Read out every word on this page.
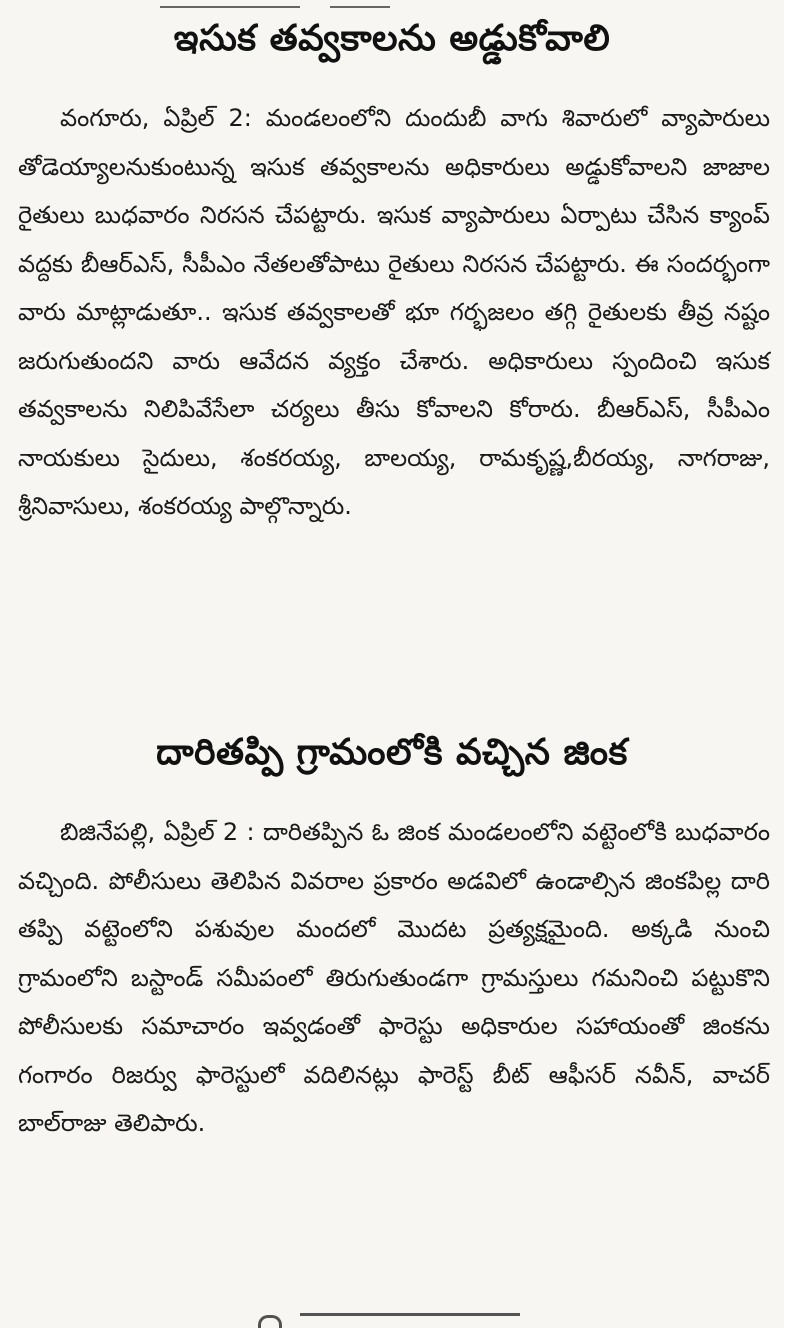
ఇసుక తవ్వకాలను అడ్డుకోవాలి
వంగూరు, ఏప్రిల్ 2: మండలంలోని దుందుబీ వాగు శివారులో వ్యాపారులు తోడెయ్యాలనుకుంటున్న ఇసుక తవ్వకాలను అధికారులు అడ్డుకోవాలని జాజాల రైతులు బుధవారం నిరసన చేపట్టారు. ఇసుక వ్యాపారులు ఏర్పాటు చేసిన క్యాంప్ వద్దకు బీఆర్‌ఎస్, సీపీఎం నేతలతోపాటు రైతులు నిరసన చేపట్టారు. ఈ సందర్భంగా వారు మాట్లాడుతూ.. ఇసుక తవ్వకాలతో భూ గర్భజలం తగ్గి రైతులకు తీవ్ర నష్టం జరుగుతుందని వారు ఆవేదన వ్యక్తం చేశారు. అధికారులు స్పందించి ఇసుక తవ్వకాలను నిలిపివేసేలా చర్యలు తీసు కోవాలని కోరారు. బీఆర్‌ఎస్, సీపీఎం నాయకులు సైదులు, శంకరయ్య, బాలయ్య, రామకృష్ణ,బీరయ్య, నాగరాజు, శ్రీనివాసులు, శంకరయ్య పాల్గొన్నారు.
దారితప్పి గ్రామంలోకి వచ్చిన జింక
బిజినేపల్లి, ఏప్రిల్ 2 : దారితప్పిన ఓ జింక మండలంలోని వట్టెంలోకి బుధవారం వచ్చింది. పోలీసులు తెలిపిన వివరాల ప్రకారం అడవిలో ఉండాల్సిన జింకపిల్ల దారి తప్పి వట్టెంలోని పశువుల మందలో మొదట ప్రత్యక్షమైంది. అక్కడి నుంచి గ్రామంలోని బస్టాండ్ సమీపంలో తిరుగుతుండగా గ్రామస్తులు గమనించి పట్టుకొని పోలీసులకు సమాచారం ఇవ్వడంతో ఫారెస్టు అధికారుల సహాయంతో జింకను గంగారం రిజర్వు ఫారెస్టులో వదిలినట్లు ఫారెస్ట్ బీట్ ఆఫీసర్ నవీన్, వాచర్ బాల్‌రాజు తెలిపారు.
